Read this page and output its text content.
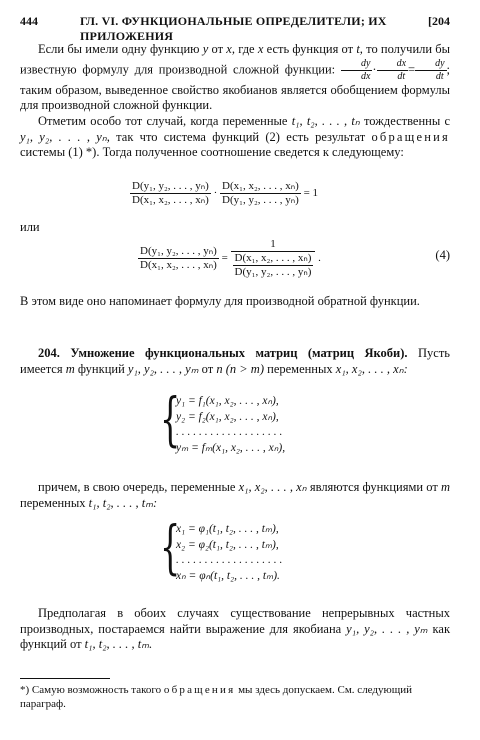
444	ГЛ. VI. ФУНКЦИОНАЛЬНЫЕ ОПРЕДЕЛИТЕЛИ; ИХ ПРИЛОЖЕНИЯ
[204
Если бы имели одну функцию y от x, где x есть функция от t, то получили бы известную формулу для производной сложной функции: $\frac{dy}{dx} \cdot \frac{dx}{dt} = \frac{dy}{dt}$ ; таким образом, выведенное свойство якобианов является обобщением формулы для производной сложной функции.
Отметим особо тот случай, когда переменные t₁, t₂, . . . , tₙ тождественны с y₁, y₂, . . . , yₙ, так что система функций (2) есть результат обращения системы (1) *). Тогда полученное соотношение сведется к следующему:
$\frac{\text{D(y₁, y₂, . . . , yₙ)}}{\text{D(x₁, x₂, . . . , xₙ)}} \cdot \frac{\text{D(x₁, x₂, . . . , xₙ)}}{\text{D(y₁, y₂, . . . , yₙ)}} = 1$
или
$\frac{\text{D(y₁, y₂, . . . , yₙ)}}{\text{D(x₁, x₂, . . . , xₙ)}} = \frac{1}{\frac{\text{D(x₁, x₂, . . . , xₙ)}}{\text{D(y₁, y₂, . . . , yₙ)}}}$ .	(4)
В этом виде оно напоминает формулу для производной обратной функции.
204. Умножение функциональных матриц (матриц Якоби). Пусть имеется m функций y₁, y₂, . . . , yₘ от n (n > m) переменных x₁, x₂, . . . , xₙ:
{
y₁ = f₁(x₁, x₂, . . . , xₙ),
y₂ = f₂(x₁, x₂, . . . , xₙ),
. . . . . . . . . . . . . . . . . . .
yₘ = fₘ(x₁, x₂, . . . , xₙ),
причем, в свою очередь, переменные x₁, x₂, . . . , xₙ являются функциями от m переменных t₁, t₂, . . . , tₘ:
{
x₁ = φ₁(t₁, t₂, . . . , tₘ),
x₂ = φ₂(t₁, t₂, . . . , tₘ),
. . . . . . . . . . . . . . . . . . .
xₙ = φₙ(t₁, t₂, . . . , tₘ).
Предполагая в обоих случаях существование непрерывных частных производных, постараемся найти выражение для якобиана y₁, y₂, . . . , yₘ как функций от t₁, t₂, . . . , tₘ.
*) Самую возможность такого обращения мы здесь допускаем. См. следующий параграф.
